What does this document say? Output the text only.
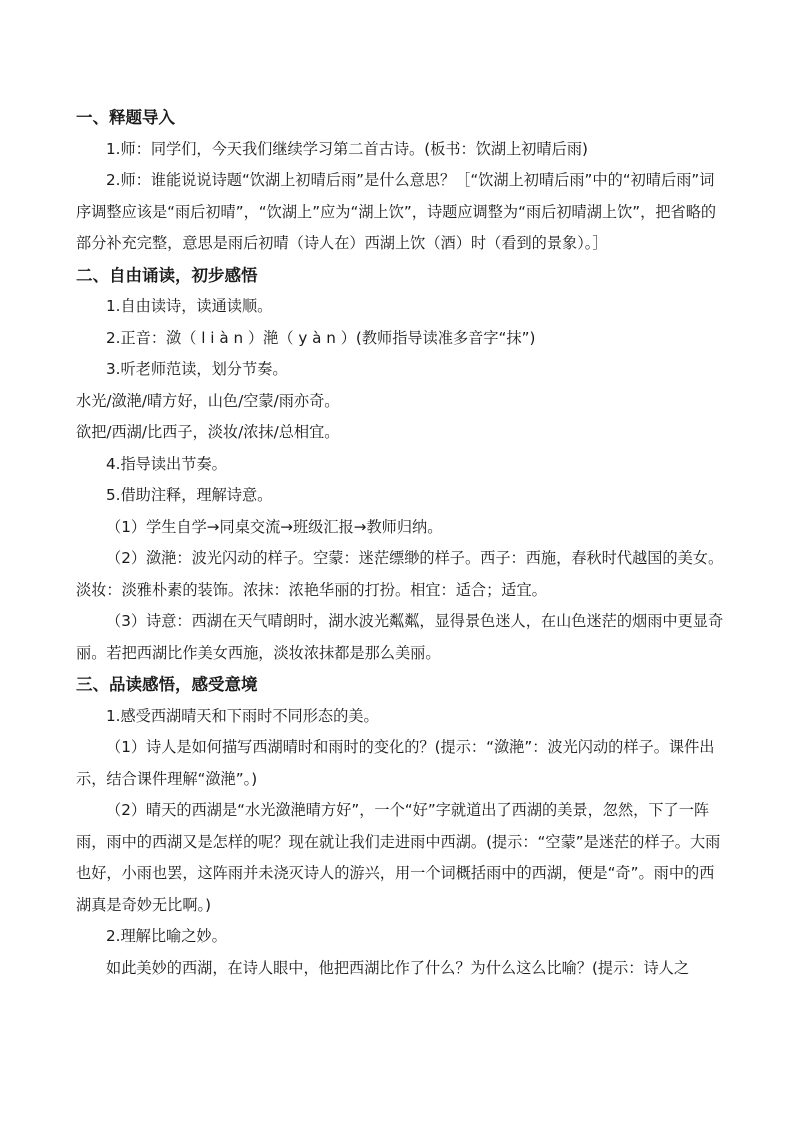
一、释题导入

1.师：同学们，今天我们继续学习第二首古诗。(板书：饮湖上初晴后雨)

2.师：谁能说说诗题“饮湖上初晴后雨”是什么意思？［“饮湖上初晴后雨”中的“初晴后雨”词序调整应该是“雨后初晴”，“饮湖上”应为“湖上饮”，诗题应调整为“雨后初晴湖上饮”，把省略的部分补充完整，意思是雨后初晴（诗人在）西湖上饮（酒）时（看到的景象）。］

二、自由诵读，初步感悟

1.自由读诗，读通读顺。

2.正音：潋（ l i à n ）滟（ y à n ）(教师指导读准多音字“抹”)

3.听老师范读，划分节奏。

水光/潋滟/晴方好，山色/空蒙/雨亦奇。

欲把/西湖/比西子，淡妆/浓抹/总相宜。

4.指导读出节奏。

5.借助注释，理解诗意。

（1）学生自学→同桌交流→班级汇报→教师归纳。

（2）潋滟：波光闪动的样子。空蒙：迷茫缥缈的样子。西子：西施，春秋时代越国的美女。淡妆：淡雅朴素的装饰。浓抹：浓艳华丽的打扮。相宜：适合；适宜。

（3）诗意：西湖在天气晴朗时，湖水波光粼粼，显得景色迷人，在山色迷茫的烟雨中更显奇丽。若把西湖比作美女西施，淡妆浓抹都是那么美丽。

三、品读感悟，感受意境

1.感受西湖晴天和下雨时不同形态的美。

（1）诗人是如何描写西湖晴时和雨时的变化的？(提示：“潋滟”：波光闪动的样子。课件出示，结合课件理解“潋滟”。)

（2）晴天的西湖是“水光潋滟晴方好”，一个“好”字就道出了西湖的美景，忽然，下了一阵雨，雨中的西湖又是怎样的呢？现在就让我们走进雨中西湖。(提示：“空蒙”是迷茫的样子。大雨也好，小雨也罢，这阵雨并未浇灭诗人的游兴，用一个词概括雨中的西湖，便是“奇”。雨中的西湖真是奇妙无比啊。)

2.理解比喻之妙。

如此美妙的西湖，在诗人眼中，他把西湖比作了什么？为什么这么比喻？(提示：诗人之
